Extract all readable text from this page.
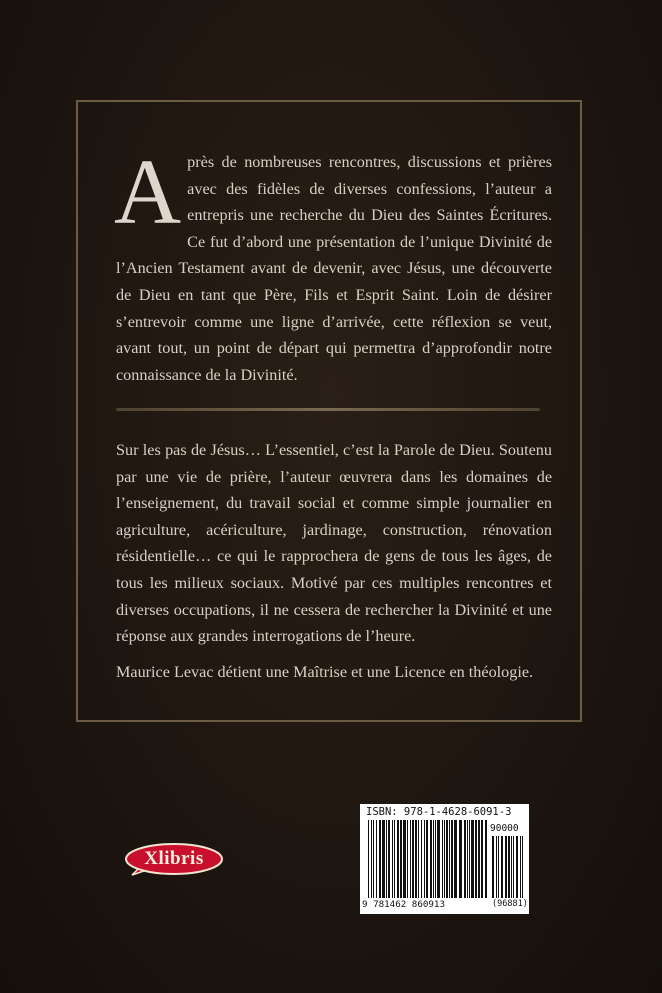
A près de nombreuses rencontres, discussions et prières avec des fidèles de diverses confessions, l’auteur a entrepris une recherche du Dieu des Saintes Écritures. Ce fut d’abord une présentation de l’unique Divinité de l’Ancien Testament avant de devenir, avec Jésus, une découverte de Dieu en tant que Père, Fils et Esprit Saint. Loin de désirer s’entrevoir comme une ligne d’arrivée, cette réflexion se veut, avant tout, un point de départ qui permettra d’approfondir notre connaissance de la Divinité.
Sur les pas de Jésus… L’essentiel, c’est la Parole de Dieu. Soutenu par une vie de prière, l’auteur œuvrera dans les domaines de l’enseignement, du travail social et comme simple journalier en agriculture, acériculture, jardinage, construction, rénovation résidentielle… ce qui le rapprochera de gens de tous les âges, de tous les milieux sociaux. Motivé par ces multiples rencontres et diverses occupations, il ne cessera de rechercher la Divinité et une réponse aux grandes interrogations de l’heure.
Maurice Levac détient une Maîtrise et une Licence en théologie.
Xlibris
ISBN: 978-1-4628-6091-3
90000
9 781462 860913	(96881)
